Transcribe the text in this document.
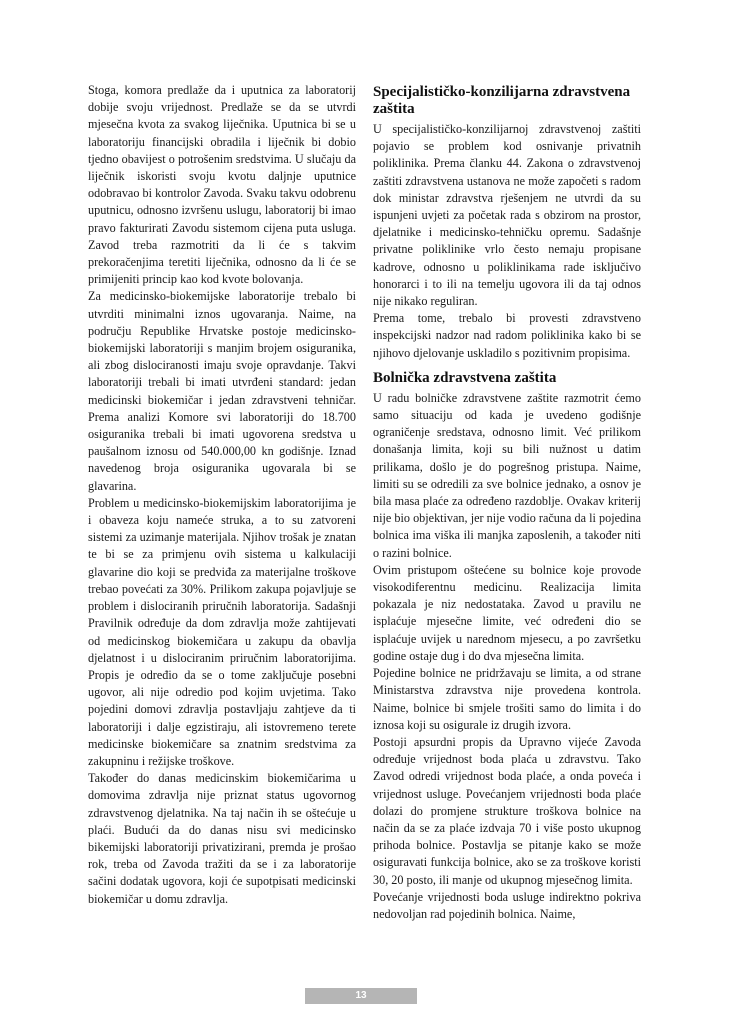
Stoga, komora predlaže da i uputnica za laboratorij dobije svoju vrijednost. Predlaže se da se utvrdi mjesečna kvota za svakog liječnika. Uputnica bi se u laboratoriju financijski obradila i liječnik bi dobio tjedno obavijest o potrošenim sredstvima. U slučaju da liječnik iskoristi svoju kvotu daljnje uputnice odobravao bi kontrolor Zavoda. Svaku takvu odobrenu uputnicu, odnosno izvršenu uslugu, laboratorij bi imao pravo fakturirati Zavodu sistemom cijena puta usluga. Zavod treba razmotriti da li će s takvim prekoračenjima teretiti liječnika, odnosno da li će se primijeniti princip kao kod kvote bolovanja.

Za medicinsko-biokemijske laboratorije trebalo bi utvrditi minimalni iznos ugovaranja. Naime, na području Republike Hrvatske postoje medicinsko-biokemijski laboratoriji s manjim brojem osiguranika, ali zbog dislociranosti imaju svoje opravdanje. Takvi laboratoriji trebali bi imati utvrđeni standard: jedan medicinski biokemičar i jedan zdravstveni tehničar. Prema analizi Komore svi laboratoriji do 18.700 osiguranika trebali bi imati ugovorena sredstva u paušalnom iznosu od 540.000,00 kn godišnje. Iznad navedenog broja osiguranika ugovarala bi se glavarina.

Problem u medicinsko-biokemijskim laboratorijima je i obaveza koju nameće struka, a to su zatvoreni sistemi za uzimanje materijala. Njihov trošak je znatan te bi se za primjenu ovih sistema u kalkulaciji glavarine dio koji se predviđa za materijalne troškove trebao povećati za 30%. Prilikom zakupa pojavljuje se problem i dislociranih priručnih laboratorija. Sadašnji Pravilnik određuje da dom zdravlja može zahtijevati od medicinskog biokemičara u zakupu da obavlja djelatnost i u dislociranim priručnim laboratorijima. Propis je određio da se o tome zaključuje posebni ugovor, ali nije odredio pod kojim uvjetima. Tako pojedini domovi zdravlja postavljaju zahtjeve da ti laboratoriji i dalje egzistiraju, ali istovremeno terete medicinske biokemičare sa znatnim sredstvima za zakupninu i režijske troškove.

Također do danas medicinskim biokemičarima u domovima zdravlja nije priznat status ugovornog zdravstvenog djelatnika. Na taj način ih se oštećuje u plaći. Budući da do danas nisu svi medicinsko bikemijski laboratoriji privatizirani, premda je prošao rok, treba od Zavoda tražiti da se i za laboratorije sačini dodatak ugovora, koji će supotpisati medicinski biokemičar u domu zdravlja.

Specijalističko-konzilijarna zdravstvena zaštita

U specijalističko-konzilijarnoj zdravstvenoj zaštiti pojavio se problem kod osnivanje privatnih poliklinika. Prema članku 44. Zakona o zdravstvenoj zaštiti zdravstvena ustanova ne može započeti s radom dok ministar zdravstva rješenjem ne utvrdi da su ispunjeni uvjeti za početak rada s obzirom na prostor, djelatnike i medicinsko-tehničku opremu. Sadašnje privatne poliklinike vrlo često nemaju propisane kadrove, odnosno u poliklinikama rade isključivo honorarci i to ili na temelju ugovora ili da taj odnos nije nikako reguliran.

Prema tome, trebalo bi provesti zdravstveno inspekcijski nadzor nad radom poliklinika kako bi se njihovo djelovanje uskladilo s pozitivnim propisima.

Bolnička zdravstvena zaštita

U radu bolničke zdravstvene zaštite razmotrit ćemo samo situaciju od kada je uvedeno godišnje ograničenje sredstava, odnosno limit. Već prilikom donašanja limita, koji su bili nužnost u datim prilikama, došlo je do pogrešnog pristupa. Naime, limiti su se odredili za sve bolnice jednako, a osnov je bila masa plaće za određeno razdoblje. Ovakav kriterij nije bio objektivan, jer nije vodio računa da li pojedina bolnica ima viška ili manjka zaposlenih, a također niti o razini bolnice.

Ovim pristupom oštećene su bolnice koje provode visokodiferentnu medicinu. Realizacija limita pokazala je niz nedostataka. Zavod u pravilu ne isplaćuje mjesečne limite, već određeni dio se isplaćuje uvijek u narednom mjesecu, a po završetku godine ostaje dug i do dva mjesečna limita.

Pojedine bolnice ne pridržavaju se limita, a od strane Ministarstva zdravstva nije provedena kontrola. Naime, bolnice bi smjele trošiti samo do limita i do iznosa koji su osigurale iz drugih izvora.

Postoji apsurdni propis da Upravno vijeće Zavoda određuje vrijednost boda plaća u zdravstvu. Tako Zavod odredi vrijednost boda plaće, a onda poveća i vrijednost usluge. Povećanjem vrijednosti boda plaće dolazi do promjene strukture troškova bolnice na način da se za plaće izdvaja 70 i više posto ukupnog prihoda bolnice. Postavlja se pitanje kako se može osiguravati funkcija bolnice, ako se za troškove koristi 30, 20 posto, ili manje od ukupnog mjesečnog limita.

Povećanje vrijednosti boda usluge indirektno pokriva nedovoljan rad pojedinih bolnica. Naime,

13
